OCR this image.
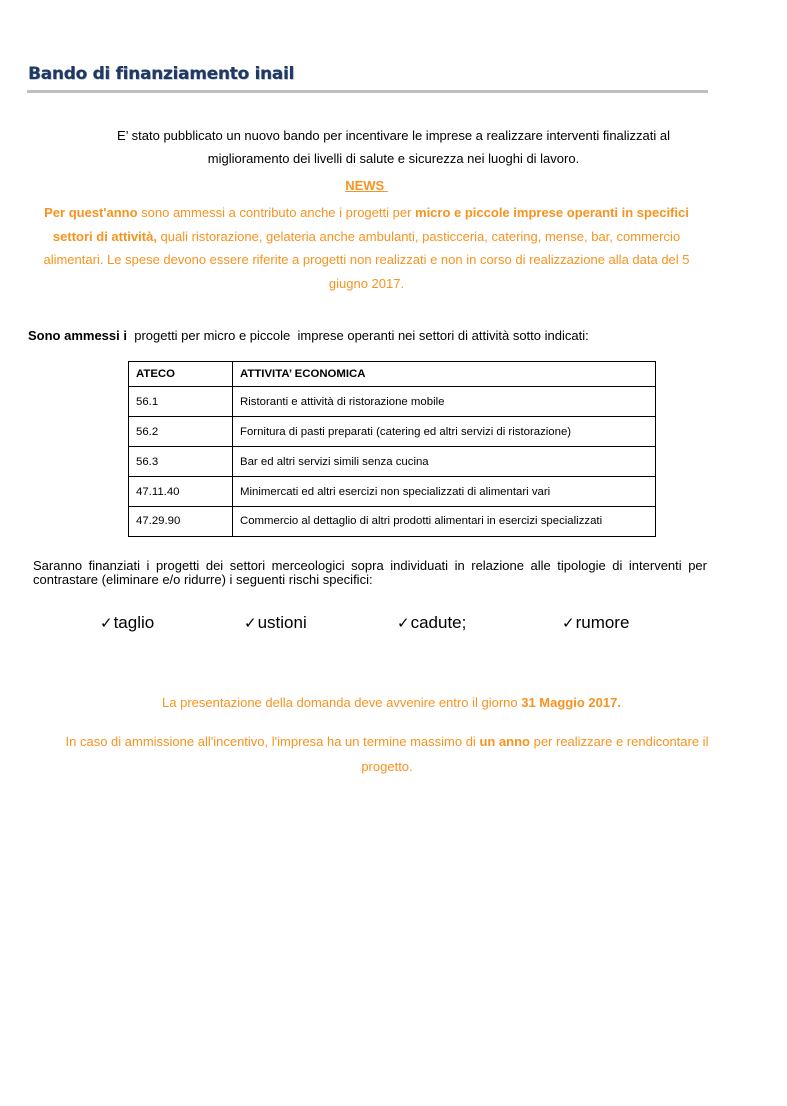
Bando di finanziamento inail

E’ stato pubblicato un nuovo bando per incentivare le imprese a realizzare interventi finalizzati al
miglioramento dei livelli di salute e sicurezza nei luoghi di lavoro.

NEWS

Per quest'anno sono ammessi a contributo anche i progetti per micro e piccole imprese operanti in specifici settori di attività, quali ristorazione, gelateria anche ambulanti, pasticceria, catering, mense, bar, commercio alimentari. Le spese devono essere riferite a progetti non realizzati e non in corso di realizzazione alla data del 5 giugno 2017.

Sono ammessi i  progetti per micro e piccole  imprese operanti nei settori di attività sotto indicati:

ATECO	ATTIVITA’ ECONOMICA
56.1	Ristoranti e attività di ristorazione mobile
56.2	Fornitura di pasti preparati (catering ed altri servizi di ristorazione)
56.3	Bar ed altri servizi simili senza cucina
47.11.40	Minimercati ed altri esercizi non specializzati di alimentari vari
47.29.90	Commercio al dettaglio di altri prodotti alimentari in esercizi specializzati

Saranno finanziati i progetti dei settori merceologici sopra individuati in relazione alle tipologie di interventi per contrastare (eliminare e/o ridurre) i seguenti rischi specifici:

✓taglio	✓ustioni	✓cadute;	✓rumore

La presentazione della domanda deve avvenire entro il giorno 31 Maggio 2017.

In caso di ammissione all'incentivo, l'impresa ha un termine massimo di un anno per realizzare e rendicontare il progetto.
